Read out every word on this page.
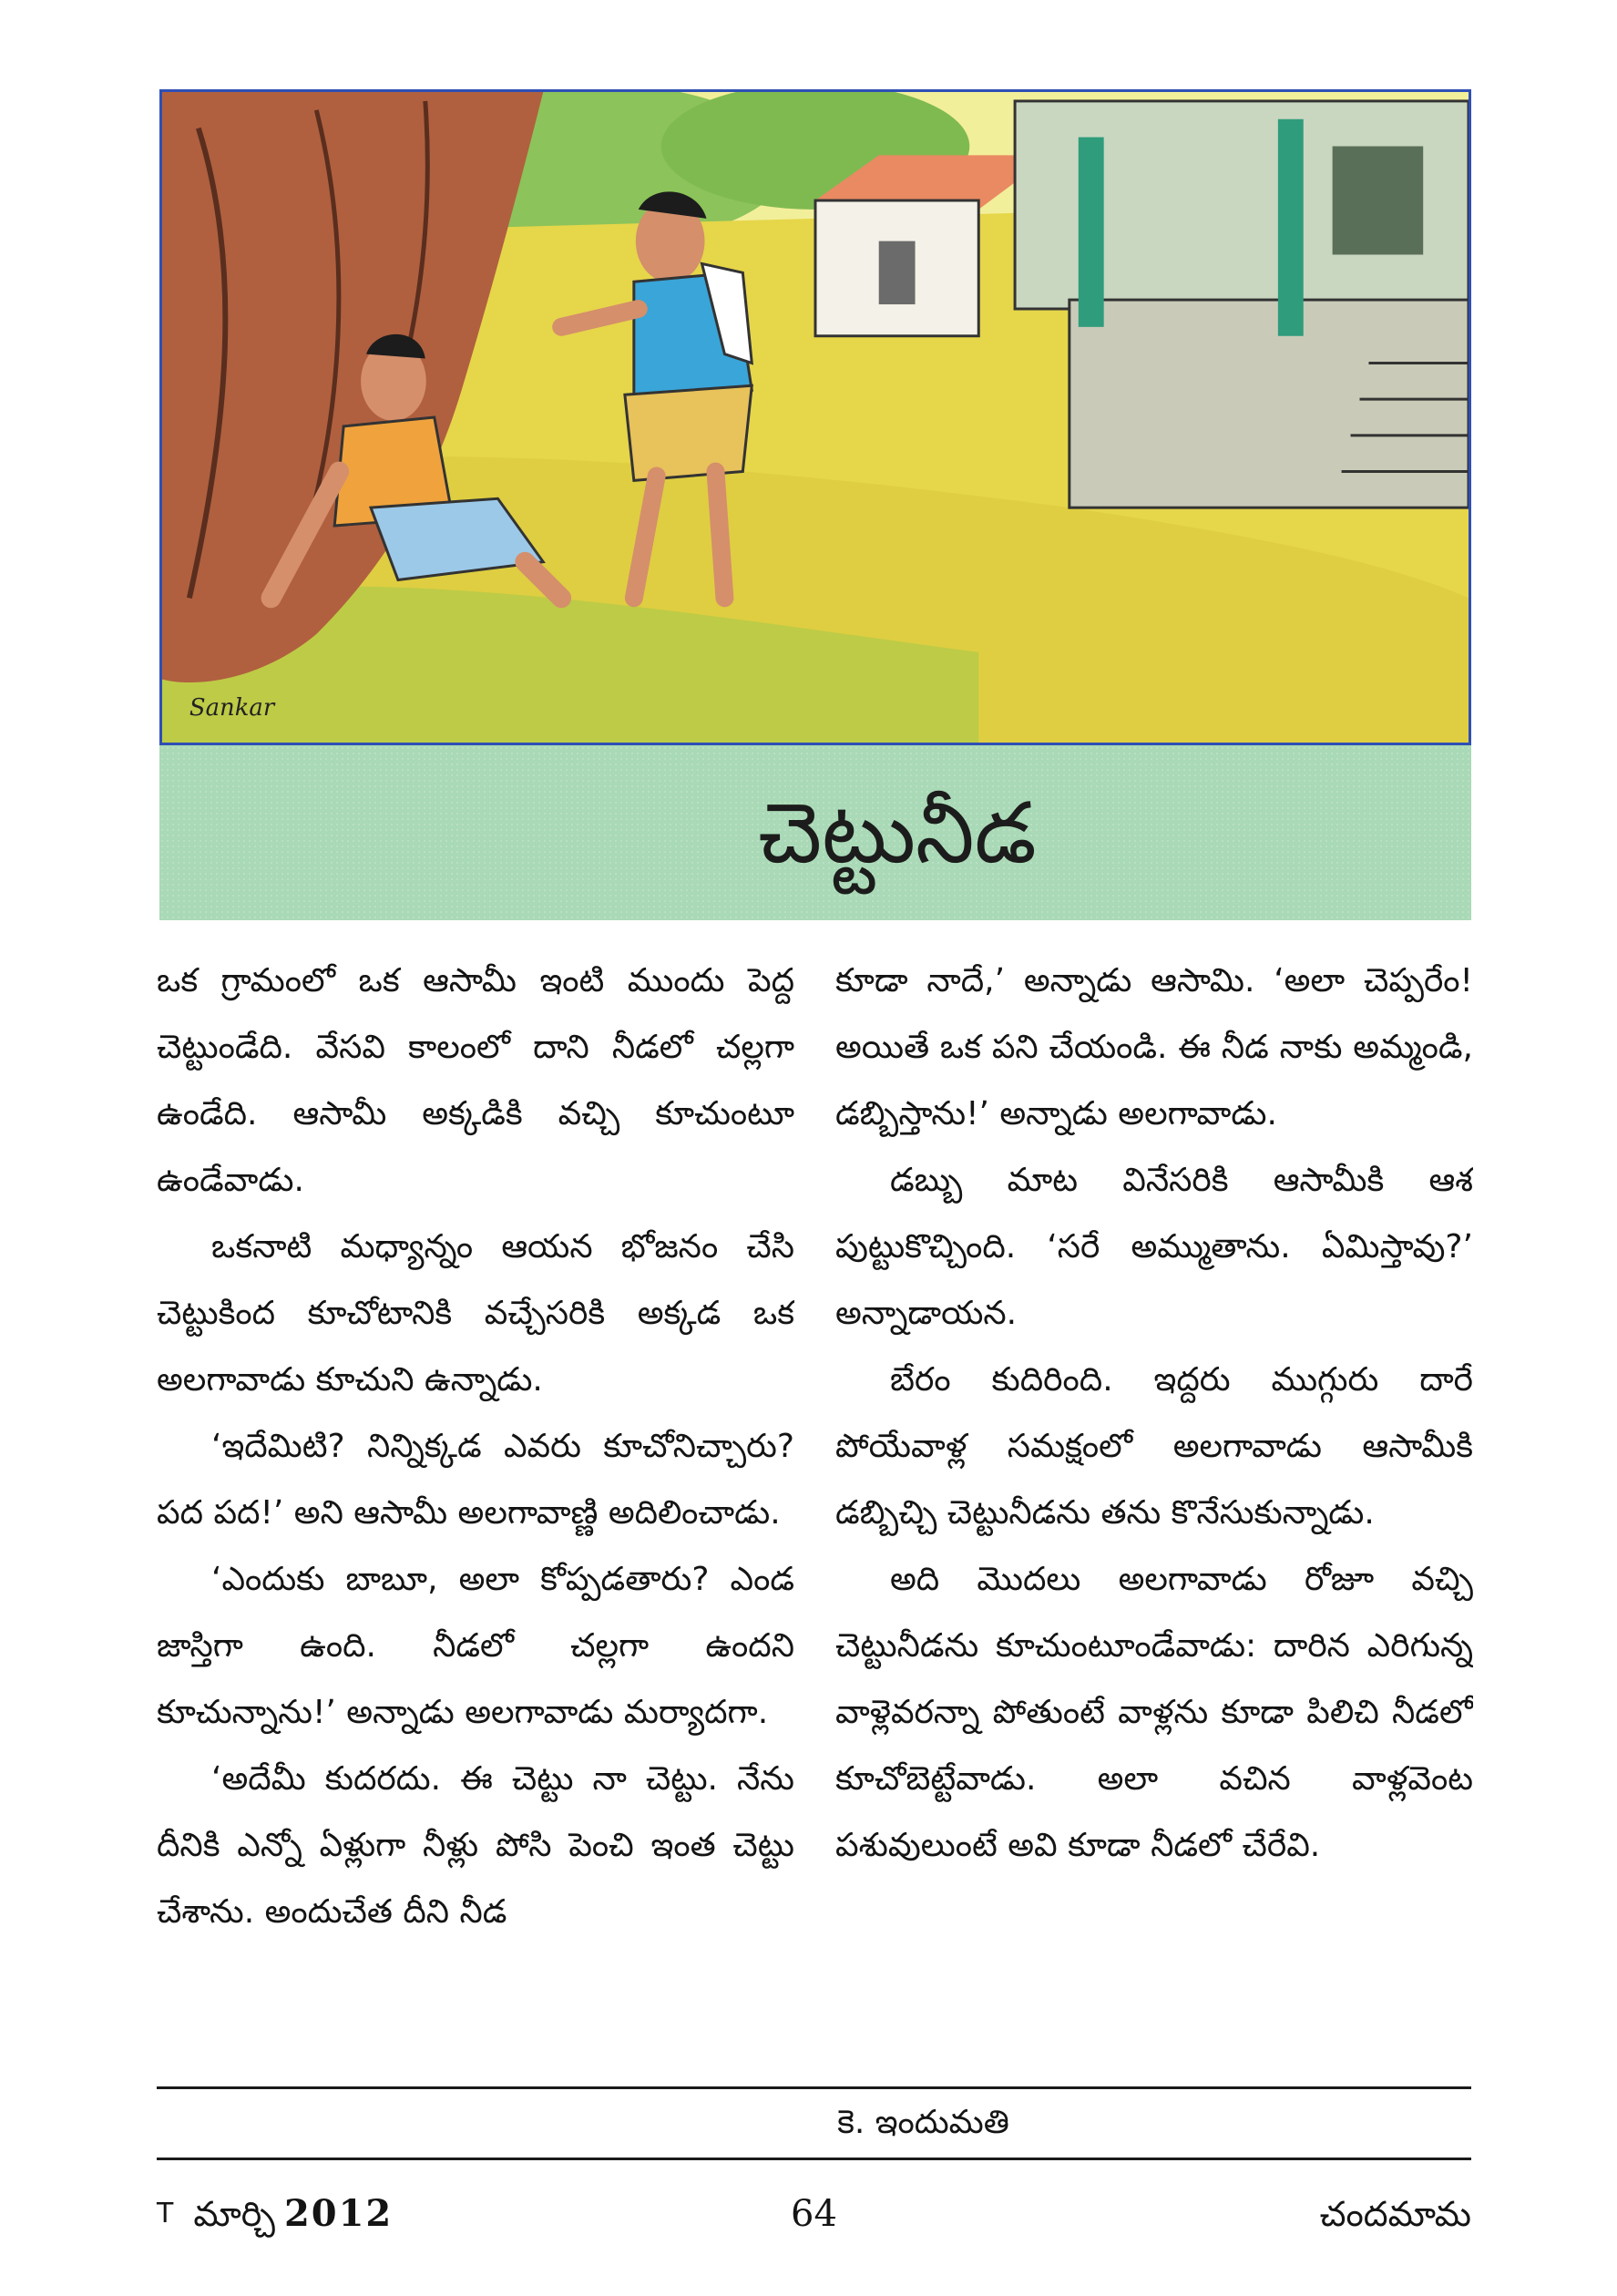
Sankar
చెట్టునీడ

ఒక గ్రామంలో ఒక ఆసామీ ఇంటి ముందు పెద్ద చెట్టుండేది. వేసవి కాలంలో దాని నీడలో చల్లగా ఉండేది. ఆసామీ అక్కడికి వచ్చి కూచుంటూ ఉండేవాడు.

ఒకనాటి మధ్యాన్నం ఆయన భోజనం చేసి చెట్టుకింద కూచోటానికి వచ్చేసరికి అక్కడ ఒక అలగావాడు కూచుని ఉన్నాడు.

‘ఇదేమిటి? నిన్నిక్కడ ఎవరు కూచోనిచ్చారు? పద పద!’ అని ఆసామీ అలగావాణ్ణి అదిలించాడు.

‘ఎందుకు బాబూ, అలా కోప్పడతారు? ఎండ జాస్తిగా ఉంది. నీడలో చల్లగా ఉందని కూచున్నాను!’ అన్నాడు అలగావాడు మర్యాదగా.

‘అదేమీ కుదరదు. ఈ చెట్టు నా చెట్టు. నేను దీనికి ఎన్నో ఏళ్లుగా నీళ్లు పోసి పెంచి ఇంత చెట్టు చేశాను. అందుచేత దీని నీడ

కూడా నాదే,’ అన్నాడు ఆసామి. ‘అలా చెప్పరేం! అయితే ఒక పని చేయండి. ఈ నీడ నాకు అమ్మండి, డబ్బిస్తాను!’ అన్నాడు అలగావాడు.

డబ్బు మాట వినేసరికి ఆసామీకి ఆశ పుట్టుకొచ్చింది. ‘సరే అమ్ముతాను. ఏమిస్తావు?’ అన్నాడాయన.

బేరం కుదిరింది. ఇద్దరు ముగ్గురు దారే పోయేవాళ్ల సమక్షంలో అలగావాడు ఆసామీకి డబ్బిచ్చి చెట్టునీడను తను కొనేసుకున్నాడు.

అది మొదలు అలగావాడు రోజూ వచ్చి చెట్టునీడను కూచుంటూండేవాడు: దారిన ఎరిగున్న వాళ్లెవరన్నా పోతుంటే వాళ్లను కూడా పిలిచి నీడలో కూచోబెట్టేవాడు. అలా వచిన వాళ్లవెంట పశువులుంటే అవి కూడా నీడలో చేరేవి.

కె. ఇందుమతి
$^T$ మార్చి 2012	64	చందమామ
